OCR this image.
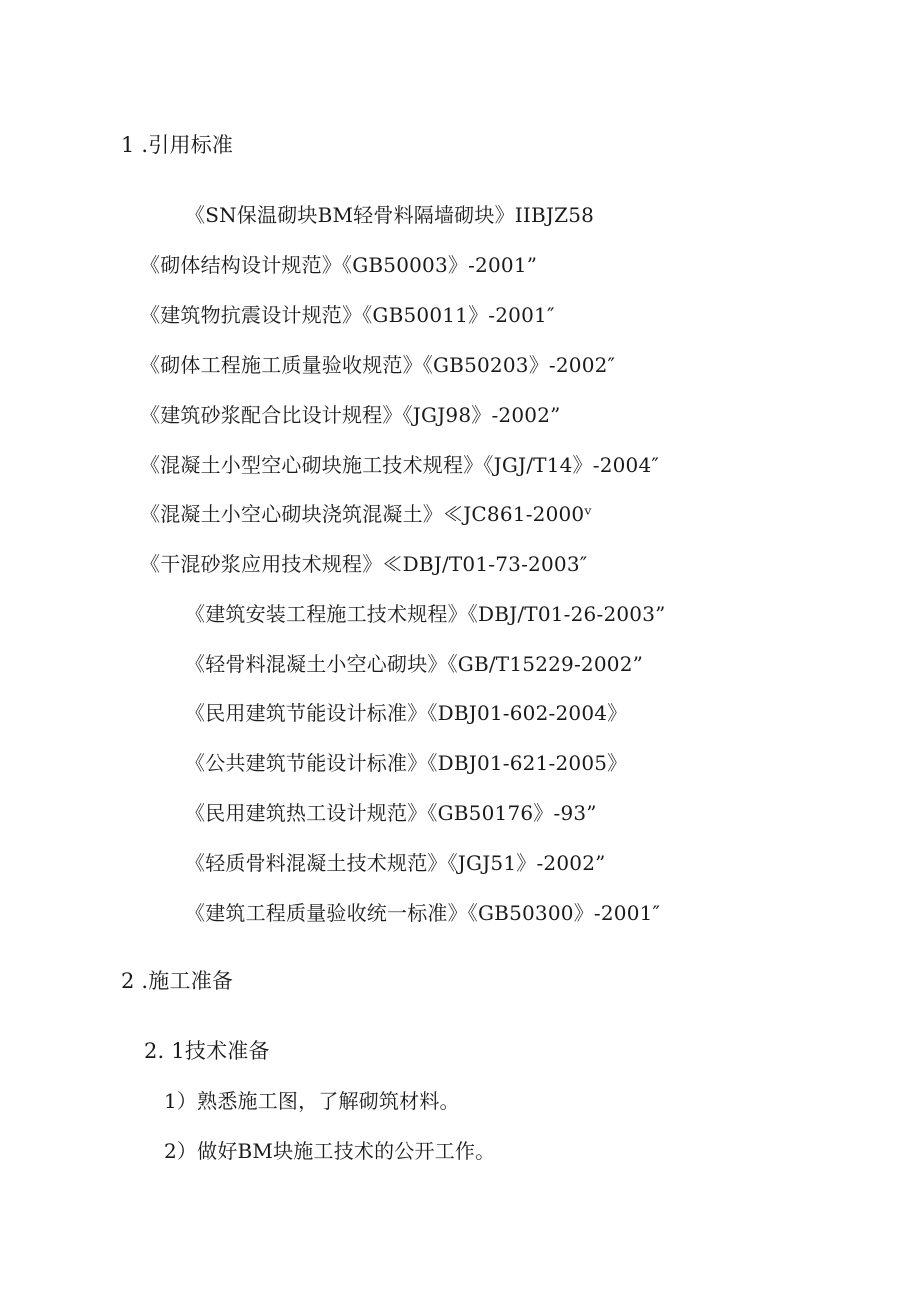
1 .引用标准
《SN保温砌块BM轻骨料隔墙砌块》IIBJZ58
《砌体结构设计规范》《GB50003》-2001”
《建筑物抗震设计规范》《GB50011》-2001″
《砌体工程施工质量验收规范》《GB50203》-2002″
《建筑砂浆配合比设计规程》《JGJ98》-2002”
《混凝土小型空心砌块施工技术规程》《JGJ/T14》-2004″
《混凝土小空心砌块浇筑混凝土》≪JC861-2000ᵛ
《干混砂浆应用技术规程》≪DBJ/T01-73-2003″
《建筑安装工程施工技术规程》《DBJ/T01-26-2003”
《轻骨料混凝土小空心砌块》《GB/T15229-2002”
《民用建筑节能设计标准》《DBJ01-602-2004》
《公共建筑节能设计标准》《DBJ01-621-2005》
《民用建筑热工设计规范》《GB50176》-93”
《轻质骨料混凝土技术规范》《JGJ51》-2002”
《建筑工程质量验收统一标准》《GB50300》-2001″
2 .施工准备
2. 1技术准备
1）熟悉施工图，了解砌筑材料。
2）做好BM块施工技术的公开工作。
